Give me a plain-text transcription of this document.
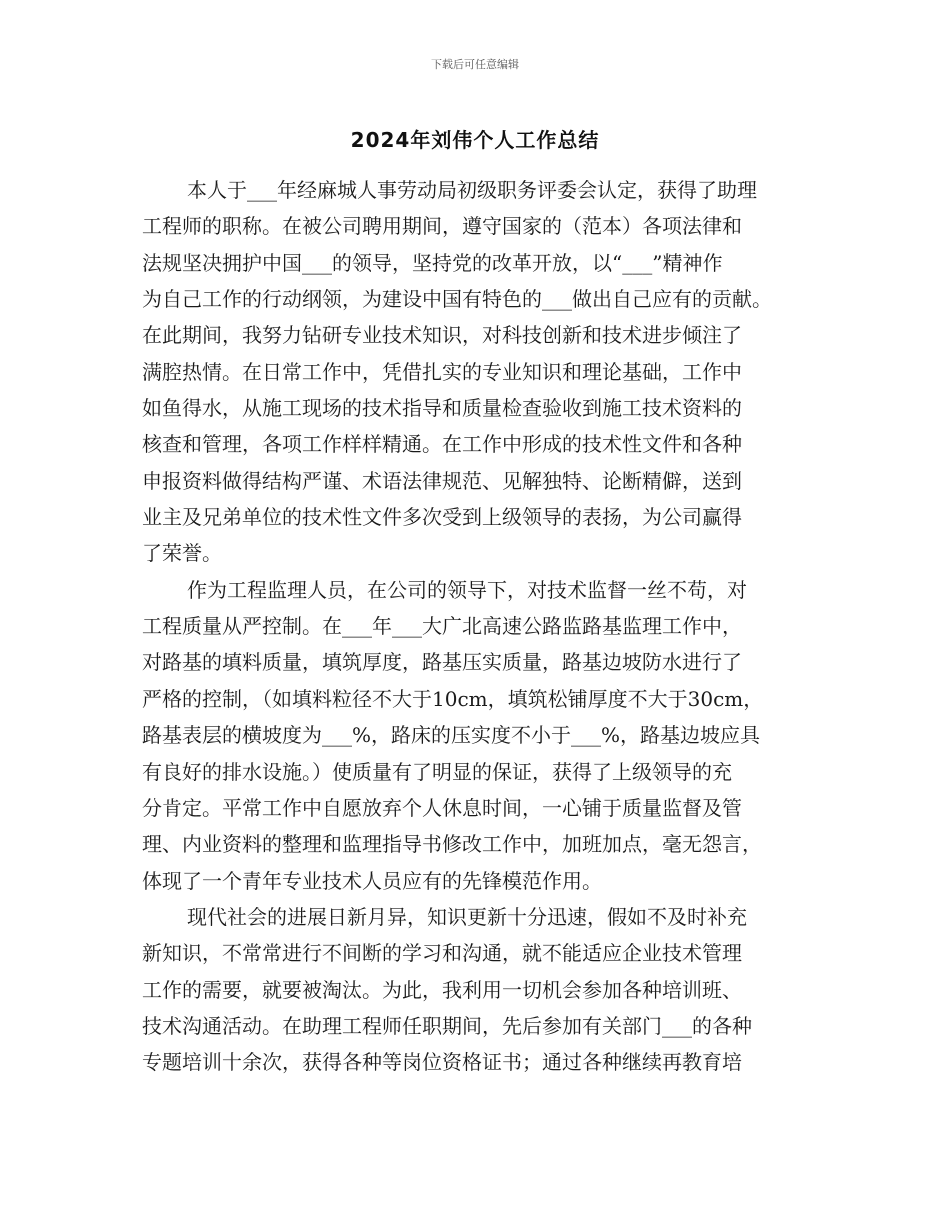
下载后可任意编辑
2024年刘伟个人工作总结
本人于___年经麻城人事劳动局初级职务评委会认定，获得了助理
工程师的职称。在被公司聘用期间，遵守国家的（范本）各项法律和
法规坚决拥护中国___的领导，坚持党的改革开放，以“___”精神作
为自己工作的行动纲领，为建设中国有特色的___做出自己应有的贡献。
在此期间，我努力钻研专业技术知识，对科技创新和技术进步倾注了
满腔热情。在日常工作中，凭借扎实的专业知识和理论基础，工作中
如鱼得水，从施工现场的技术指导和质量检查验收到施工技术资料的
核查和管理，各项工作样样精通。在工作中形成的技术性文件和各种
申报资料做得结构严谨、术语法律规范、见解独特、论断精僻，送到
业主及兄弟单位的技术性文件多次受到上级领导的表扬，为公司赢得
了荣誉。
作为工程监理人员，在公司的领导下，对技术监督一丝不苟，对
工程质量从严控制。在___年___大广北高速公路监路基监理工作中，
对路基的填料质量，填筑厚度，路基压实质量，路基边坡防水进行了
严格的控制，（如填料粒径不大于10cm，填筑松铺厚度不大于30cm，
路基表层的横坡度为___%，路床的压实度不小于___%，路基边坡应具
有良好的排水设施。）使质量有了明显的保证，获得了上级领导的充
分肯定。平常工作中自愿放弃个人休息时间，一心铺于质量监督及管
理、内业资料的整理和监理指导书修改工作中，加班加点，毫无怨言，
体现了一个青年专业技术人员应有的先锋模范作用。
现代社会的进展日新月异，知识更新十分迅速，假如不及时补充
新知识，不常常进行不间断的学习和沟通，就不能适应企业技术管理
工作的需要，就要被淘汰。为此，我利用一切机会参加各种培训班、
技术沟通活动。在助理工程师任职期间，先后参加有关部门___的各种
专题培训十余次，获得各种等岗位资格证书；通过各种继续再教育培
